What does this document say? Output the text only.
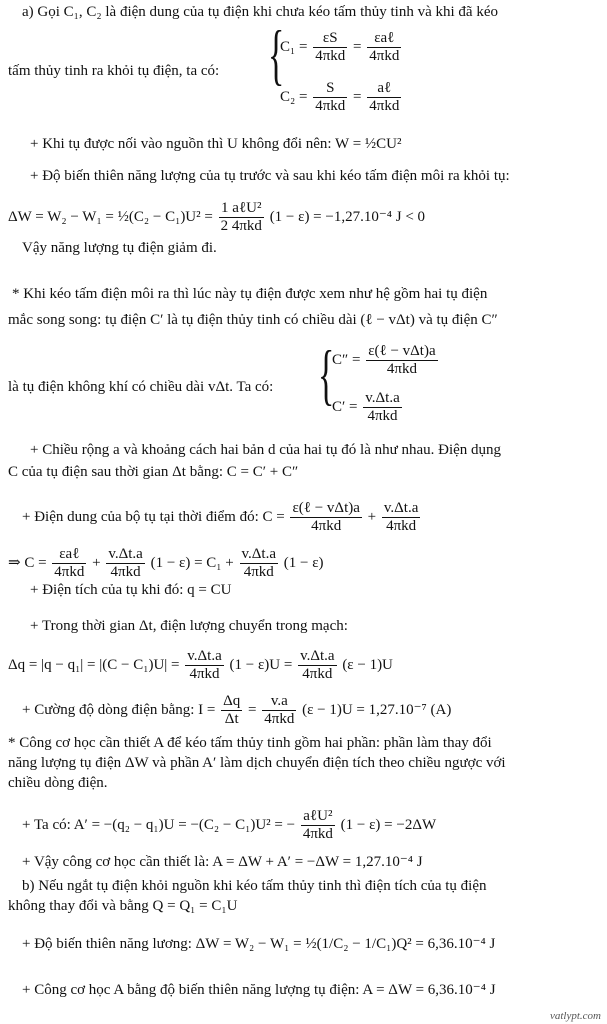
a) Gọi C₁, C₂ là điện dung của tụ điện khi chưa kéo tấm thủy tinh và khi đã kéo
{
$C_1 = \frac{\varepsilon S}{\text{4πkd}} = \frac{\text{εaℓ}}{\text{4πkd}}$
$C_2 = \frac{S}{\text{4πkd}} = \frac{\text{aℓ}}{\text{4πkd}}$
tấm thủy tinh ra khỏi tụ điện, ta có:
+ Khi tụ được nối vào nguồn thì U không đổi nên: W = ½CU²
+ Độ biến thiên năng lượng của tụ trước và sau khi kéo tấm điện môi ra khỏi tụ:
ΔW = W₂ − W₁ = ½(C₂ − $C_1)U^2 = \frac{\text{1 aℓU²}}{\text{2 4πkd}} (1 - \varepsilon) = -1,27.10^{-4}$ J < 0
Vậy năng lượng tụ điện giảm đi.
* Khi kéo tấm điện môi ra thì lúc này tụ điện được xem như hệ gồm hai tụ điện
mắc song song: tụ điện C′ là tụ điện thủy tinh có chiều dài (ℓ − vΔt) và tụ điện C″
{
$C'' = \frac{\text{ε(ℓ − vΔt)a}}{\text{4πkd}}$
$C' = \frac{v.\Delta t.a}{\text{4πkd}}$
là tụ điện không khí có chiều dài vΔt. Ta có:
+ Chiều rộng a và khoảng cách hai bản d của hai tụ đó là như nhau. Điện dụng
C của tụ điện sau thời gian Δt bằng: C = C′ + C″
+ Điện dung của bộ tụ tại thời điểm đó: $C = \frac{\text{ε(ℓ − vΔt)a}}{\text{4πkd}} + \frac{v.\Delta t.a}{\text{4πkd}}$
⇒ $C = \frac{\text{εaℓ}}{\text{4πkd}} + \frac{v.\Delta t.a}{\text{4πkd}} (1 - \varepsilon) = C_1 + \frac{v.\Delta t.a}{\text{4πkd}} (1 - \varepsilon)$
+ Điện tích của tụ khi đó: q = CU
+ Trong thời gian Δt, điện lượng chuyển trong mạch:
$\Delta q = |q - q_1| = |(C - C_1)U| = \frac{v.\Delta t.a}{\text{4πkd}} (1 - \varepsilon)U = \frac{v.\Delta t.a}{\text{4πkd}} (\varepsilon - 1)U$
+ Cường độ dòng điện bằng: $I = \frac{\Delta q}{\Delta t} = \frac{v.a}{\text{4πkd}} (\varepsilon - 1)U = 1,27.10^{-7}$ (A)
* Công cơ học cần thiết A để kéo tấm thủy tinh gồm hai phần: phần làm thay đổi
năng lượng tụ điện ΔW và phần A′ làm dịch chuyển điện tích theo chiều ngược với
chiều dòng điện.
+ Ta có: A′ = −(q₂ − q₁)U = −(C₂ − C₁)U² = − $\frac{\text{aℓU²}}{\text{4πkd}} (1 - \varepsilon) = -2\Delta W$
+ Vậy công cơ học cần thiết là: A = ΔW + A′ = −ΔW = 1,27.10⁻⁴ J
b) Nếu ngắt tụ điện khỏi nguồn khi kéo tấm thủy tinh thì điện tích của tụ điện
không thay đổi và bằng Q = Q₁ = C₁U
+ Độ biến thiên năng lương: ΔW = W₂ − W₁ = ½(1/C₂ − 1/C₁)Q² = 6,36.10⁻⁴ J
+ Công cơ học A bằng độ biến thiên năng lượng tụ điện: A = ΔW = 6,36.10⁻⁴ J
vatlypt.com
